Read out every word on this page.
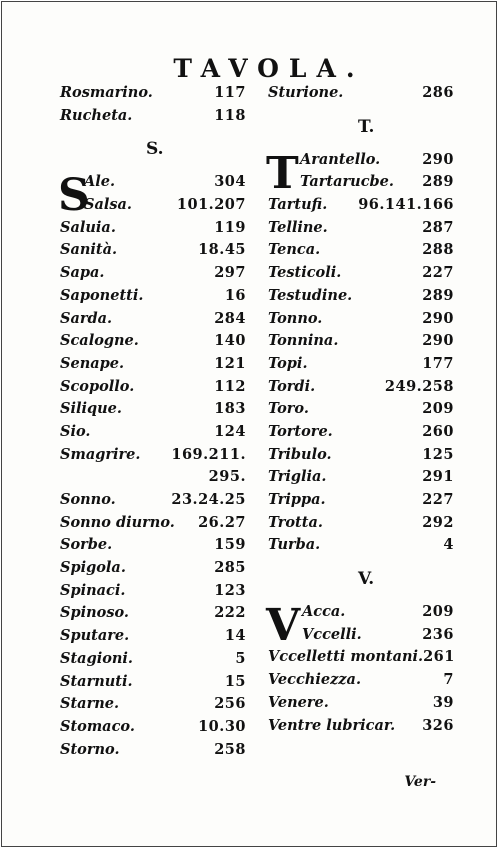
TAVOLA.
Rosmarino.	117
Rucheta.	118
S.
S
Ale.	304
Salsa.	101.207
Saluia.	119
Sanità.	18.45
Sapa.	297
Saponetti.	16
Sarda.	284
Scalogne.	140
Senape.	121
Scopollo.	112
Silique.	183
Sio.	124
Smagrire. 169.211.
295.
Sonno.	23.24.25
Sonno diurno. 26.27
Sorbe.	159
Spigola.	285
Spinaci.	123
Spinoso.	222
Sputare.	14
Stagioni.	5
Starnuti.	15
Starne.	256
Stomaco.	10.30
Storno.	258
Sturione.	286
T.
T Arantello.	290
Tartarucbe. 289
Tartufi. 96.141.166
Telline.	287
Tenca.	288
Testicoli.	227
Testudine.	289
Tonno.	290
Tonnina.	290
Topi.	177
Tordi.	249.258
Toro.	209
Tortore.	260
Tribulo.	125
Triglia.	291
Trippa.	227
Trotta.	292
Turba.	4
V.
V Acca.	209
Vccelli.	236
Vccelletti montani. 261
Vecchiezza.	7
Venere.	39
Ventre lubricar. 326
Ver-
